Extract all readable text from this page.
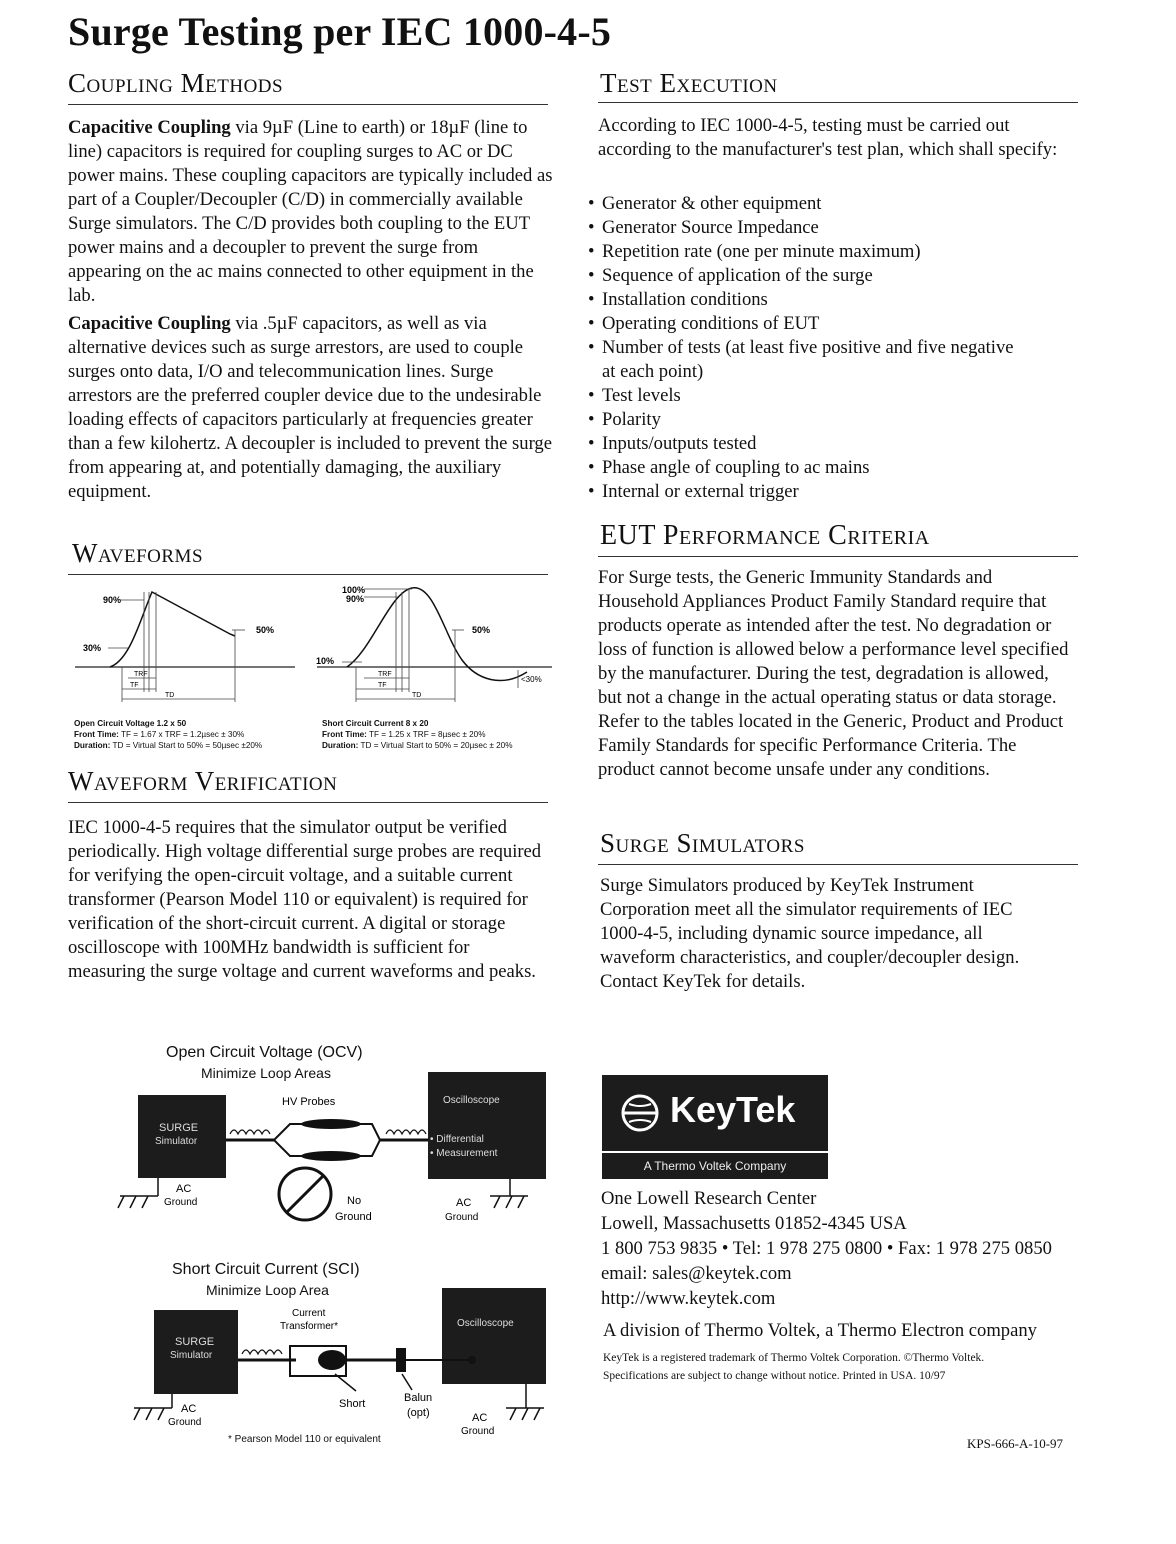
Surge Testing per IEC 1000-4-5
Coupling Methods

Capacitive Coupling via 9µF (Line to earth) or 18µF (line to line) capacitors is required for coupling surges to AC or DC power mains. These coupling capacitors are typically included as part of a Coupler/Decoupler (C/D) in commercially available Surge simulators. The C/D provides both coupling to the EUT power mains and a decoupler to prevent the surge from appearing on the ac mains connected to other equipment in the lab.

Capacitive Coupling via .5µF capacitors, as well as via alternative devices such as surge arrestors, are used to couple surges onto data, I/O and telecommunication lines. Surge arrestors are the preferred coupler device due to the undesirable loading effects of capacitors particularly at frequencies greater than a few kilohertz. A decoupler is included to prevent the surge from appearing at, and potentially damaging, the auxiliary equipment.

Waveforms
90%
30%
50%
TRF
TF
TD
Open Circuit Voltage 1.2 x 50
Front Time: TF = 1.67 x TRF = 1.2µsec ± 30%
Duration: TD = Virtual Start to 50% = 50µsec ±20%
100%
90%
10%
50%
<30%
TRF
TF
TD
Short Circuit Current 8 x 20
Front Time: TF = 1.25 x TRF = 8µsec ± 20%
Duration: TD = Virtual Start to 50% = 20µsec ± 20%
Waveform Verification
IEC 1000-4-5 requires that the simulator output be verified periodically. High voltage differential surge probes are required for verifying the open-circuit voltage, and a suitable current transformer (Pearson Model 110 or equivalent) is required for verification of the short-circuit current. A digital or storage oscilloscope with 100MHz bandwidth is sufficient for measuring the surge voltage and current waveforms and peaks.
Open Circuit Voltage (OCV)
Minimize Loop Areas
SURGE
Simulator
Oscilloscope
• Differential
• Measurement
HV Probes
AC
Ground	No
Ground
AC
Ground
Short Circuit Current (SCI)
Minimize Loop Area
SURGE
Simulator
Oscilloscope
Current
Transformer*
AC
Ground
Short	Balun
(opt)	AC
Ground
* Pearson Model 110 or equivalent
Test Execution
According to IEC 1000-4-5, testing must be carried out according to the manufacturer's test plan, which shall specify:
• Generator & other equipment
• Generator Source Impedance
• Repetition rate (one per minute maximum)
• Sequence of application of the surge
• Installation conditions
• Operating conditions of EUT
• Number of tests (at least five positive and five negative at each point)
• Test levels
• Polarity
• Inputs/outputs tested
• Phase angle of coupling to ac mains
• Internal or external trigger
EUT Performance Criteria
For Surge tests, the Generic Immunity Standards and Household Appliances Product Family Standard require that products operate as intended after the test. No degradation or loss of function is allowed below a performance level specified by the manufacturer. During the test, degradation is allowed, but not a change in the actual operating status or data storage. Refer to the tables located in the Generic, Product and Product Family Standards for specific Performance Criteria. The product cannot become unsafe under any conditions.
Surge Simulators
Surge Simulators produced by KeyTek Instrument Corporation meet all the simulator requirements of IEC 1000-4-5, including dynamic source impedance, all waveform characteristics, and coupler/decoupler design. Contact KeyTek for details.
KeyTek
A Thermo Voltek Company
One Lowell Research Center
Lowell, Massachusetts 01852-4345 USA
1 800 753 9835 • Tel: 1 978 275 0800 • Fax: 1 978 275 0850
email: sales@keytek.com
http://www.keytek.com
A division of Thermo Voltek, a Thermo Electron company
KeyTek is a registered trademark of Thermo Voltek Corporation. ©Thermo Voltek.
Specifications are subject to change without notice. Printed in USA. 10/97
KPS-666-A-10-97
